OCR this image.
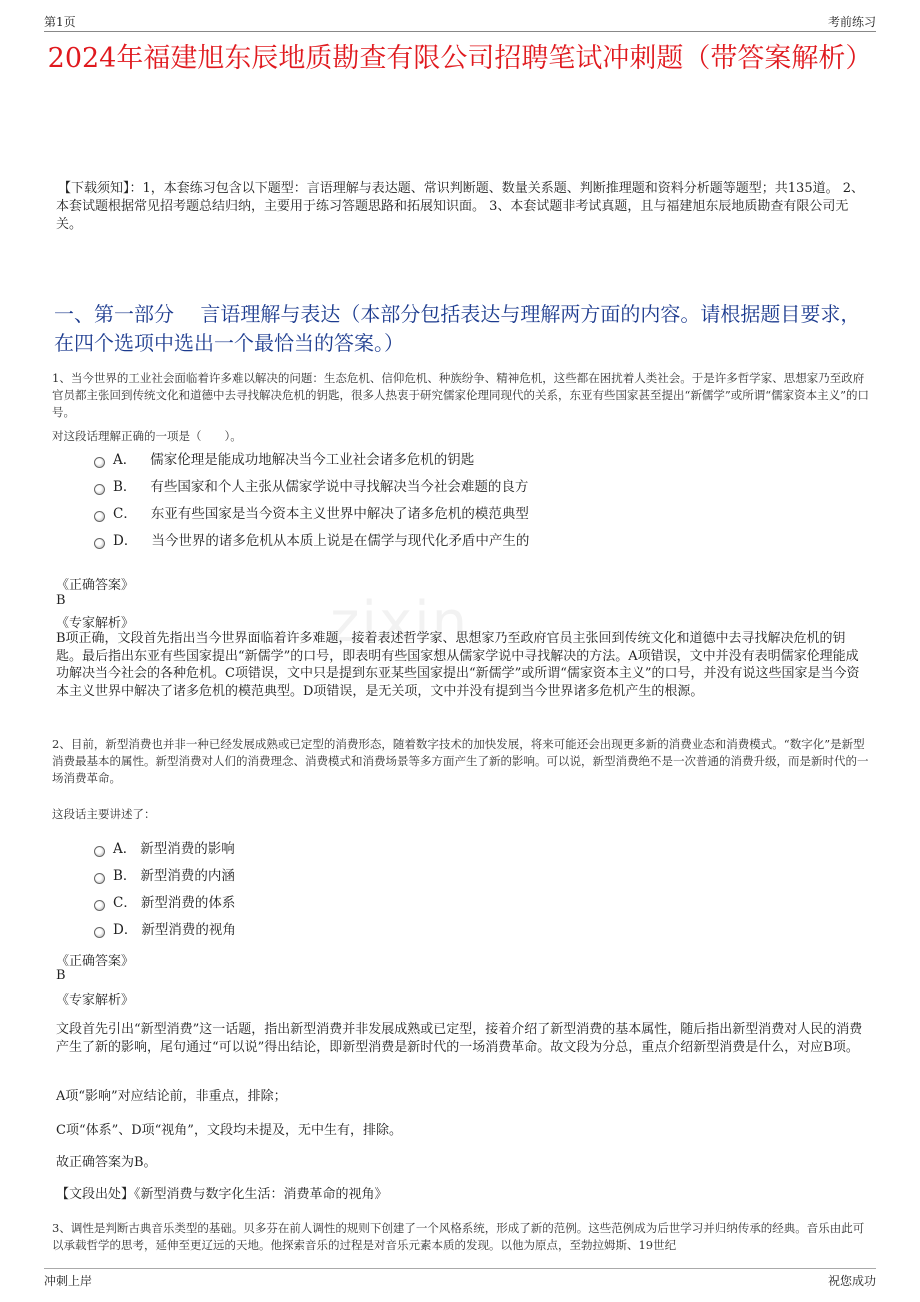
第1页	考前练习
zixin
2024年福建旭东辰地质勘查有限公司招聘笔试冲刺题（带答案解析）
【下载须知】：1，本套练习包含以下题型：言语理解与表达题、常识判断题、数量关系题、判断推理题和资料分析题等题型；共135道。 2、本套试题根据常见招考题总结归纳，主要用于练习答题思路和拓展知识面。 3、本套试题非考试真题，且与福建旭东辰地质勘查有限公司无关。
一、第一部分　 言语理解与表达（本部分包括表达与理解两方面的内容。请根据题目要求，在四个选项中选出一个最恰当的答案。）
1、当今世界的工业社会面临着许多难以解决的问题：生态危机、信仰危机、种族纷争、精神危机，这些都在困扰着人类社会。于是许多哲学家、思想家乃至政府官员都主张回到传统文化和道德中去寻找解决危机的钥匙，很多人热衷于研究儒家伦理同现代的关系，东亚有些国家甚至提出“新儒学”或所谓“儒家资本主义”的口号。
对这段话理解正确的一项是（　　）。
A． 儒家伦理是能成功地解决当今工业社会诸多危机的钥匙
B． 有些国家和个人主张从儒家学说中寻找解决当今社会难题的良方
C． 东亚有些国家是当今资本主义世界中解决了诸多危机的模范典型
D． 当今世界的诸多危机从本质上说是在儒学与现代化矛盾中产生的
《正确答案》
B
《专家解析》
B项正确，文段首先指出当今世界面临着许多难题，接着表述哲学家、思想家乃至政府官员主张回到传统文化和道德中去寻找解决危机的钥匙。最后指出东亚有些国家提出“新儒学”的口号，即表明有些国家想从儒家学说中寻找解决的方法。A项错误，文中并没有表明儒家伦理能成功解决当今社会的各种危机。C项错误，文中只是提到东亚某些国家提出“新儒学”或所谓“儒家资本主义”的口号，并没有说这些国家是当今资本主义世界中解决了诸多危机的模范典型。D项错误，是无关项，文中并没有提到当今世界诸多危机产生的根源。
2、目前，新型消费也并非一种已经发展成熟或已定型的消费形态，随着数字技术的加快发展，将来可能还会出现更多新的消费业态和消费模式。“数字化”是新型消费最基本的属性。新型消费对人们的消费理念、消费模式和消费场景等多方面产生了新的影响。可以说，新型消费绝不是一次普通的消费升级，而是新时代的一场消费革命。
这段话主要讲述了：
A． 新型消费的影响
B． 新型消费的内涵
C． 新型消费的体系
D． 新型消费的视角
《正确答案》
B
《专家解析》
文段首先引出“新型消费”这一话题，指出新型消费并非发展成熟或已定型，接着介绍了新型消费的基本属性，随后指出新型消费对人民的消费产生了新的影响，尾句通过“可以说”得出结论，即新型消费是新时代的一场消费革命。故文段为分总，重点介绍新型消费是什么，对应B项。
A项“影响”对应结论前，非重点，排除；
C项“体系”、D项“视角”，文段均未提及，无中生有，排除。
故正确答案为B。
【文段出处】《新型消费与数字化生活：消费革命的视角》
3、调性是判断古典音乐类型的基础。贝多芬在前人调性的规则下创建了一个风格系统，形成了新的范例。这些范例成为后世学习并归纳传承的经典。音乐由此可以承载哲学的思考，延伸至更辽远的天地。他探索音乐的过程是对音乐元素本质的发现。以他为原点，至勃拉姆斯、19世纪
冲刺上岸	祝您成功
